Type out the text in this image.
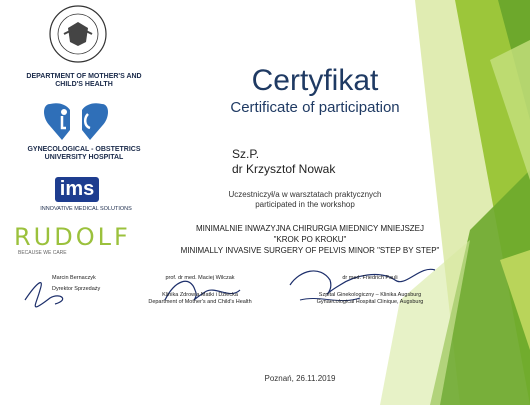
DEPARTMENT OF MOTHER'S AND CHILD'S HEALTH
GYNECOLOGICAL - OBSTETRICS UNIVERSITY HOSPITAL
ims
INNOVATIVE MEDICAL SOLUTIONS
RUDOLF
BECAUSE WE CARE
Certyfikat
Certificate of participation
Sz.P.
dr Krzysztof Nowak
Uczestniczył/a w warsztatach praktycznych
participated in the workshop
MINIMALNIE INWAZYJNA CHIRURGIA MIEDNICY MNIEJSZEJ
"KROK PO KROKU"
MINIMALLY INVASIVE SURGERY OF PELVIS MINOR "STEP BY STEP"
Marcin Bernaczyk
Dyrektor Sprzedaży
prof. dr med. Maciej Wilczak
Klinika Zdrowia Matki i Dziecka
Department of Mother's and Child's Health
dr med. Friedrich Pauli
Szpital Ginekologiczny – Klinika Augsburg
Gynaecological Hospital Clinique, Augsburg
Poznań, 26.11.2019
